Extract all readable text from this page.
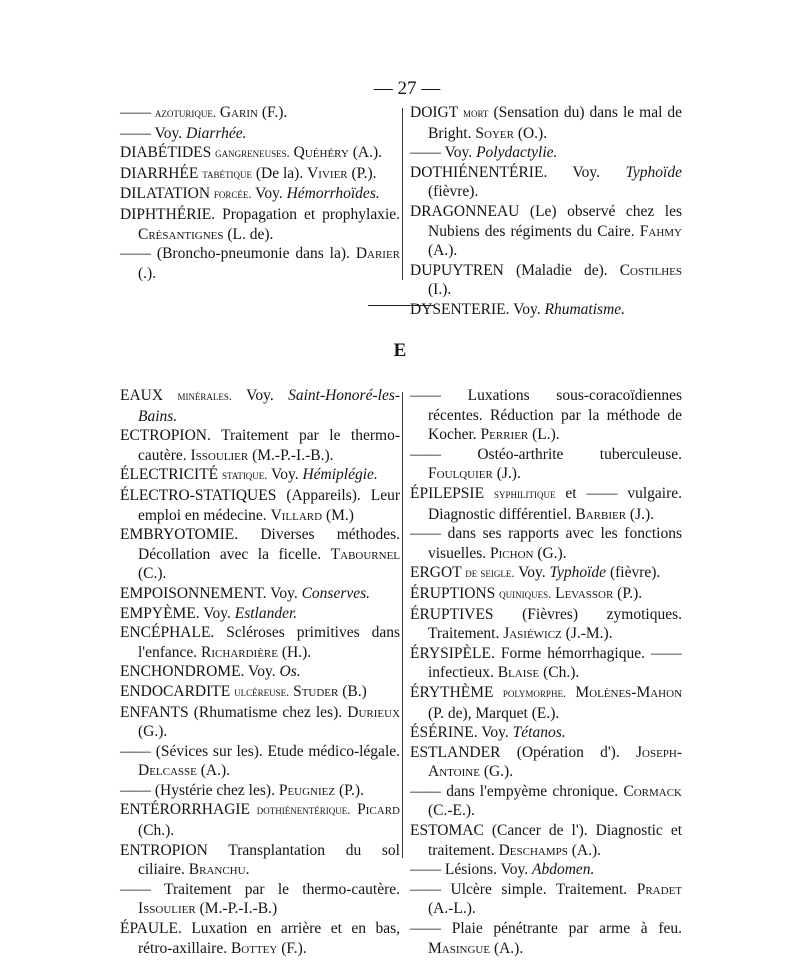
— 27 —
—— azoturique. Garin (F.).
—— Voy. Diarrhée.
DIABÉTIDES gangreneuses. Quéhéry (A.).
DIARRHÉE tabétique (De la). Vivier (P.).
DILATATION forcée. Voy. Hémorrhoïdes.
DIPHTHÉRIE. Propagation et prophylaxie. Crésantignes (L. de).
—— (Broncho-pneumonie dans la). Darier (.).
DOIGT mort (Sensation du) dans le mal de Bright. Soyer (O.).
—— Voy. Polydactylie.
DOTHIÉNENTÉRIE. Voy. Typhoïde (fièvre).
DRAGONNEAU (Le) observé chez les Nubiens des régiments du Caire. Fahmy (A.).
DUPUYTREN (Maladie de). Costilhes (I.).
DYSENTERIE. Voy. Rhumatisme.
E
EAUX minérales. Voy. Saint-Honoré-les-Bains.
ECTROPION. Traitement par le thermo-cautère. Issoulier (M.-P.-I.-B.).
ÉLECTRICITÉ statique. Voy. Hémiplégie.
ÉLECTRO-STATIQUES (Appareils). Leur emploi en médecine. Villard (M.)
EMBRYOTOMIE. Diverses méthodes. Décollation avec la ficelle. Tabournel (C.).
EMPOISONNEMENT. Voy. Conserves.
EMPYÈME. Voy. Estlander.
ENCÉPHALE. Scléroses primitives dans l'enfance. Richardière (H.).
ENCHONDROME. Voy. Os.
ENDOCARDITE ulcéreuse. Studer (B.)
ENFANTS (Rhumatisme chez les). Durieux (G.).
—— (Sévices sur les). Etude médico-légale. Delcasse (A.).
—— (Hystérie chez les). Peugniez (P.).
ENTÉRORRHAGIE dothiénentérique. Picard (Ch.).
ENTROPION Transplantation du sol ciliaire. Branchu.
—— Traitement par le thermo-cautère. Issoulier (M.-P.-I.-B.)
ÉPAULE. Luxation en arrière et en bas, rétro-axillaire. Bottey (F.).
—— Luxations sous-coracoïdiennes récentes. Réduction par la méthode de Kocher. Perrier (L.).
—— Ostéo-arthrite tuberculeuse. Foulquier (J.).
ÉPILEPSIE syphilitique et —— vulgaire. Diagnostic différentiel. Barbier (J.).
—— dans ses rapports avec les fonctions visuelles. Pichon (G.).
ERGOT de seigle. Voy. Typhoïde (fièvre).
ÉRUPTIONS quiniques. Levassor (P.).
ÉRUPTIVES (Fièvres) zymotiques. Traitement. Jasiéwicz (J.-M.).
ÉRYSIPÈLE. Forme hémorrhagique. —— infectieux. Blaise (Ch.).
ÉRYTHÈME polymorphe. Molènes-Mahon (P. de), Marquet (E.).
ÉSÉRINE. Voy. Tétanos.
ESTLANDER (Opération d'). Joseph-Antoine (G.).
—— dans l'empyème chronique. Cormack (C.-E.).
ESTOMAC (Cancer de l'). Diagnostic et traitement. Deschamps (A.).
—— Lésions. Voy. Abdomen.
—— Ulcère simple. Traitement. Pradet (A.-L.).
—— Plaie pénétrante par arme à feu. Masingue (A.).
